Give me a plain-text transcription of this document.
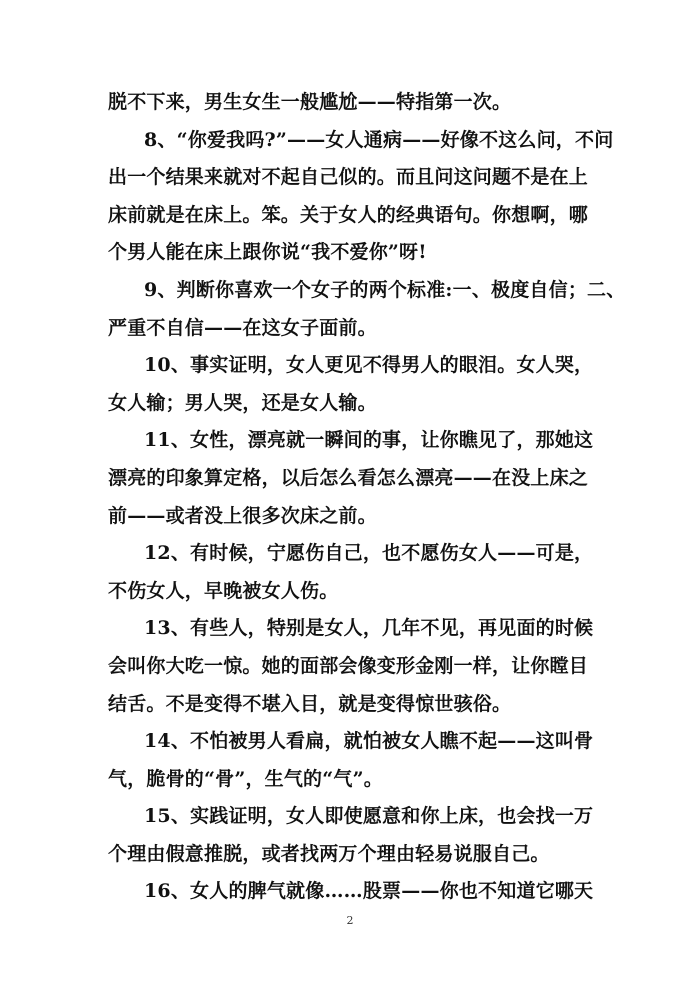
脱不下来，男生女生一般尴尬——特指第一次。
8、“你爱我吗?”——女人通病——好像不这么问，不问
出一个结果来就对不起自己似的。而且问这问题不是在上
床前就是在床上。笨。关于女人的经典语句。你想啊，哪
个男人能在床上跟你说“我不爱你”呀!
9、判断你喜欢一个女子的两个标准:一、极度自信；二、
严重不自信——在这女子面前。
10、事实证明，女人更见不得男人的眼泪。女人哭，
女人输；男人哭，还是女人输。
11、女性，漂亮就一瞬间的事，让你瞧见了，那她这
漂亮的印象算定格，以后怎么看怎么漂亮——在没上床之
前——或者没上很多次床之前。
12、有时候，宁愿伤自己，也不愿伤女人——可是，
不伤女人，早晚被女人伤。
13、有些人，特别是女人，几年不见，再见面的时候
会叫你大吃一惊。她的面部会像变形金刚一样，让你瞠目
结舌。不是变得不堪入目，就是变得惊世骇俗。
14、不怕被男人看扁，就怕被女人瞧不起——这叫骨
气，脆骨的“骨”，生气的“气”。
15、实践证明，女人即使愿意和你上床，也会找一万
个理由假意推脱，或者找两万个理由轻易说服自己。
16、女人的脾气就像……股票——你也不知道它哪天
2
